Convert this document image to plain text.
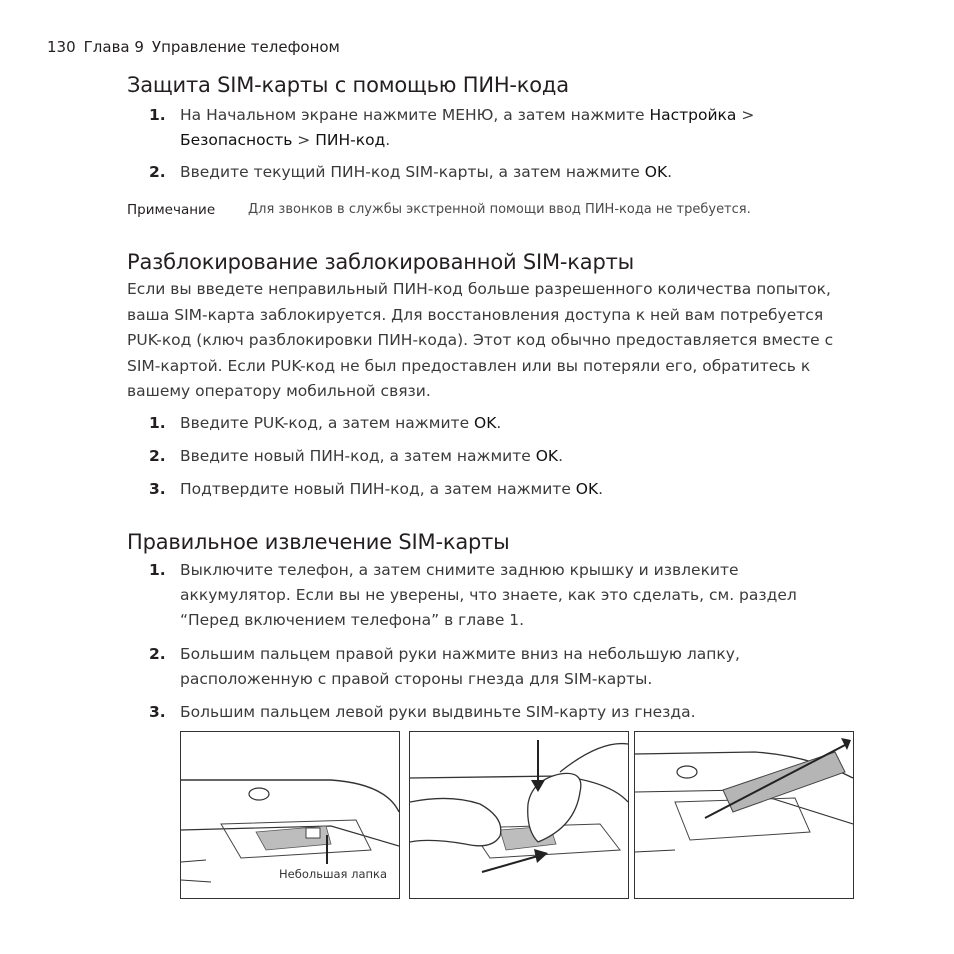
130 Глава 9 Управление телефоном
Защита SIM-карты с помощью ПИН-кода
1. На Начальном экране нажмите МЕНЮ, а затем нажмите Настройка >
Безопасность > ПИН-код.
2. Введите текущий ПИН-код SIM-карты, а затем нажмите OK.
Примечание	Для звонков в службы экстренной помощи ввод ПИН-кода не требуется.
Разблокирование заблокированной SIM-карты
Если вы введете неправильный ПИН-код больше разрешенного количества попыток, ваша SIM-карта заблокируется. Для восстановления доступа к ней вам потребуется PUK-код (ключ разблокировки ПИН-кода). Этот код обычно предоставляется вместе с SIM-картой. Если PUK-код не был предоставлен или вы потеряли его, обратитесь к вашему оператору мобильной связи.
1. Введите PUK-код, а затем нажмите OK.
2. Введите новый ПИН-код, а затем нажмите OK.
3. Подтвердите новый ПИН-код, а затем нажмите OK.
Правильное извлечение SIM-карты
1. Выключите телефон, а затем снимите заднюю крышку и извлеките аккумулятор. Если вы не уверены, что знаете, как это сделать, см. раздел “Перед включением телефона” в главе 1.
2. Большим пальцем правой руки нажмите вниз на небольшую лапку, расположенную с правой стороны гнезда для SIM-карты.
3. Большим пальцем левой руки выдвиньте SIM-карту из гнезда.
Небольшая лапка
